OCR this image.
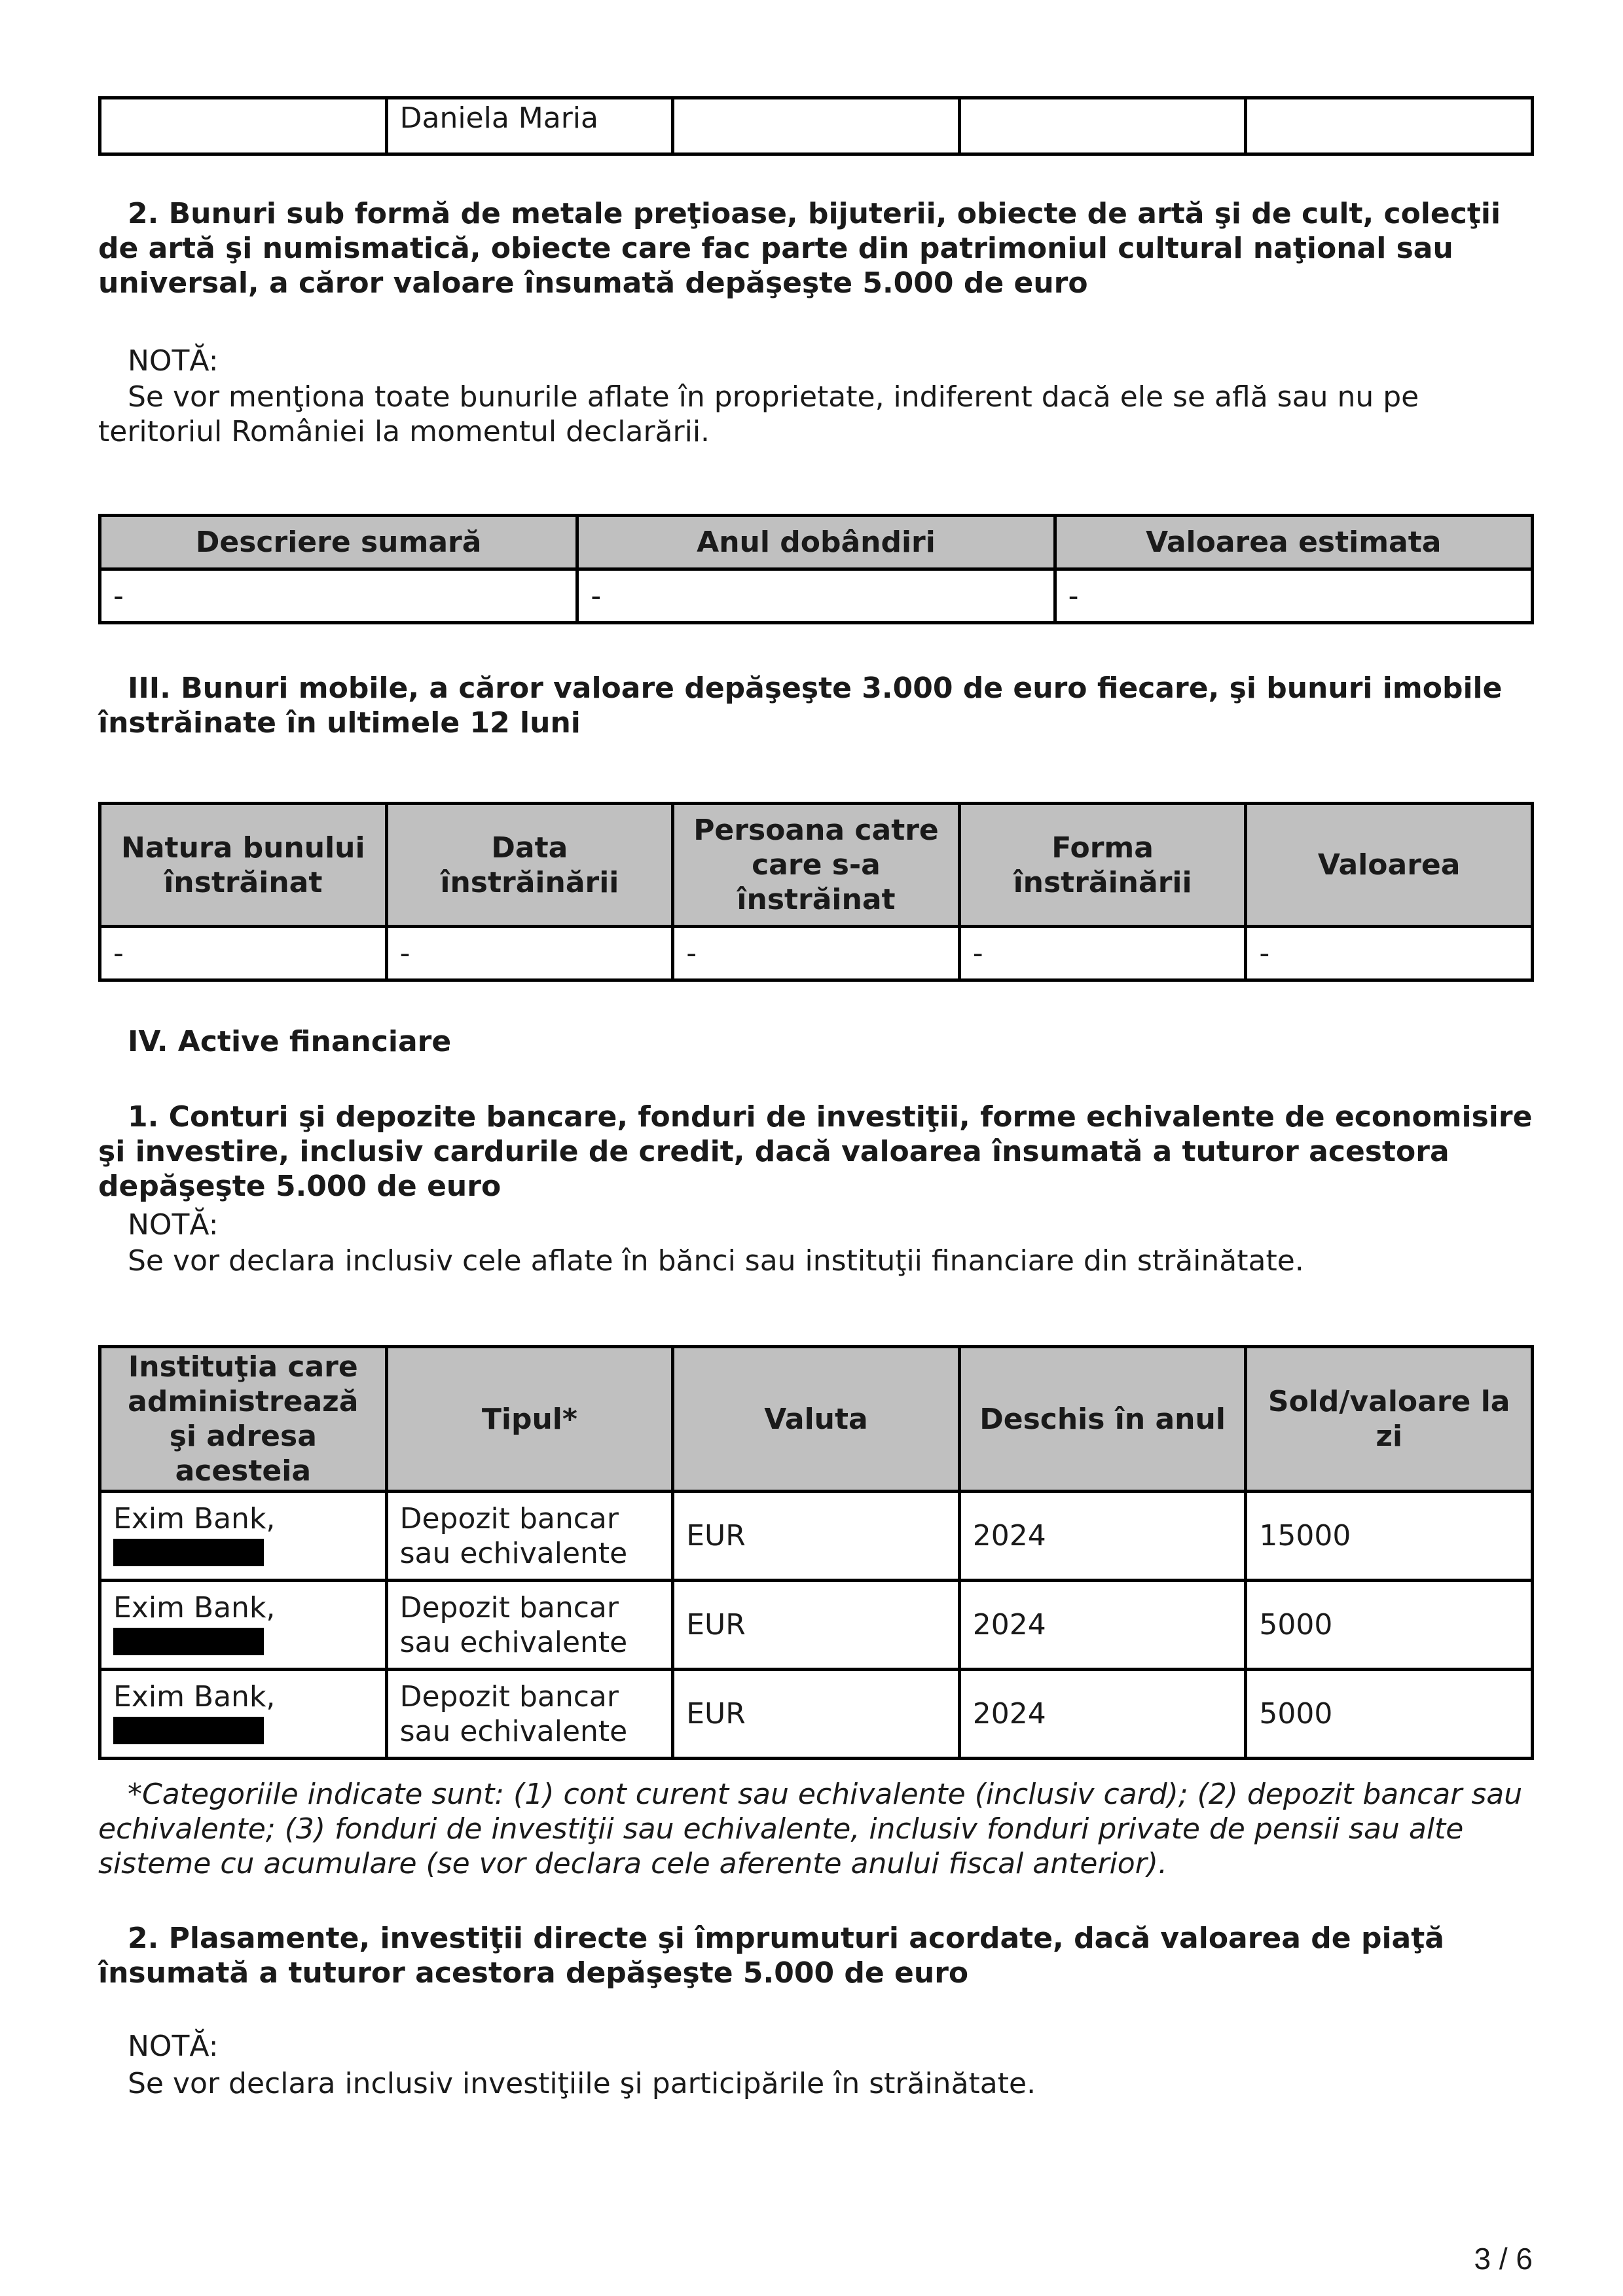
	Daniela Maria			
2. Bunuri sub formă de metale preţioase, bijuterii, obiecte de artă şi de cult, colecţii de artă şi numismatică, obiecte care fac parte din patrimoniul cultural naţional sau universal, a căror valoare însumată depăşeşte 5.000 de euro
NOTĂ:
Se vor menţiona toate bunurile aflate în proprietate, indiferent dacă ele se află sau nu pe teritoriul României la momentul declarării.
Descriere sumară	Anul dobândiri	Valoarea estimata
-	-	-
III. Bunuri mobile, a căror valoare depăşeşte 3.000 de euro fiecare, şi bunuri imobile înstrăinate în ultimele 12 luni
Natura bunului înstrăinat	Data înstrăinării	Persoana catre care s-a înstrăinat	Forma înstrăinării	Valoarea
-	-	-	-	-
IV. Active financiare
1. Conturi şi depozite bancare, fonduri de investiţii, forme echivalente de economisire şi investire, inclusiv cardurile de credit, dacă valoarea însumată a tuturor acestora depăşeşte 5.000 de euro
NOTĂ:
Se vor declara inclusiv cele aflate în bănci sau instituţii financiare din străinătate.
Instituţia care administrează şi adresa acesteia	Tipul*	Valuta	Deschis în anul	Sold/valoare la zi
Exim Bank,	Depozit bancar sau echivalente	EUR	2024	15000
Exim Bank,	Depozit bancar sau echivalente	EUR	2024	5000
Exim Bank,	Depozit bancar sau echivalente	EUR	2024	5000
*Categoriile indicate sunt: (1) cont curent sau echivalente (inclusiv card); (2) depozit bancar sau echivalente; (3) fonduri de investiţii sau echivalente, inclusiv fonduri private de pensii sau alte sisteme cu acumulare (se vor declara cele aferente anului fiscal anterior).
2. Plasamente, investiţii directe şi împrumuturi acordate, dacă valoarea de piaţă însumată a tuturor acestora depăşeşte 5.000 de euro
NOTĂ:
Se vor declara inclusiv investiţiile şi participările în străinătate.
3 / 6
